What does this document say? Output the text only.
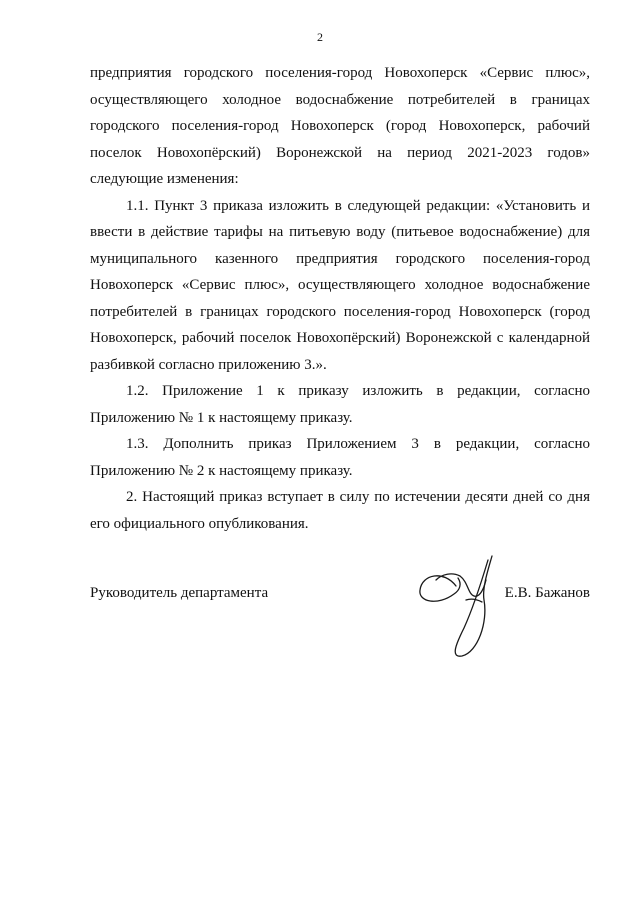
2

предприятия городского поселения-город Новохоперск «Сервис плюс», осуществляющего холодное водоснабжение потребителей в границах городского поселения-город Новохоперск (город Новохоперск, рабочий поселок Новохопёрский) Воронежской на период 2021-2023 годов» следующие изменения:

1.1. Пункт 3 приказа изложить в следующей редакции: «Установить и ввести в действие тарифы на питьевую воду (питьевое водоснабжение) для муниципального казенного предприятия городского поселения-город Новохоперск «Сервис плюс», осуществляющего холодное водоснабжение потребителей в границах городского поселения-город Новохоперск (город Новохоперск, рабочий поселок Новохопёрский) Воронежской с календарной разбивкой согласно приложению 3.».

1.2. Приложение 1 к приказу изложить в редакции, согласно Приложению № 1 к настоящему приказу.

1.3. Дополнить приказ Приложением 3 в редакции, согласно Приложению № 2 к настоящему приказу.

2. Настоящий приказ вступает в силу по истечении десяти дней со дня его официального опубликования.

Руководитель департамента	Е.В. Бажанов
